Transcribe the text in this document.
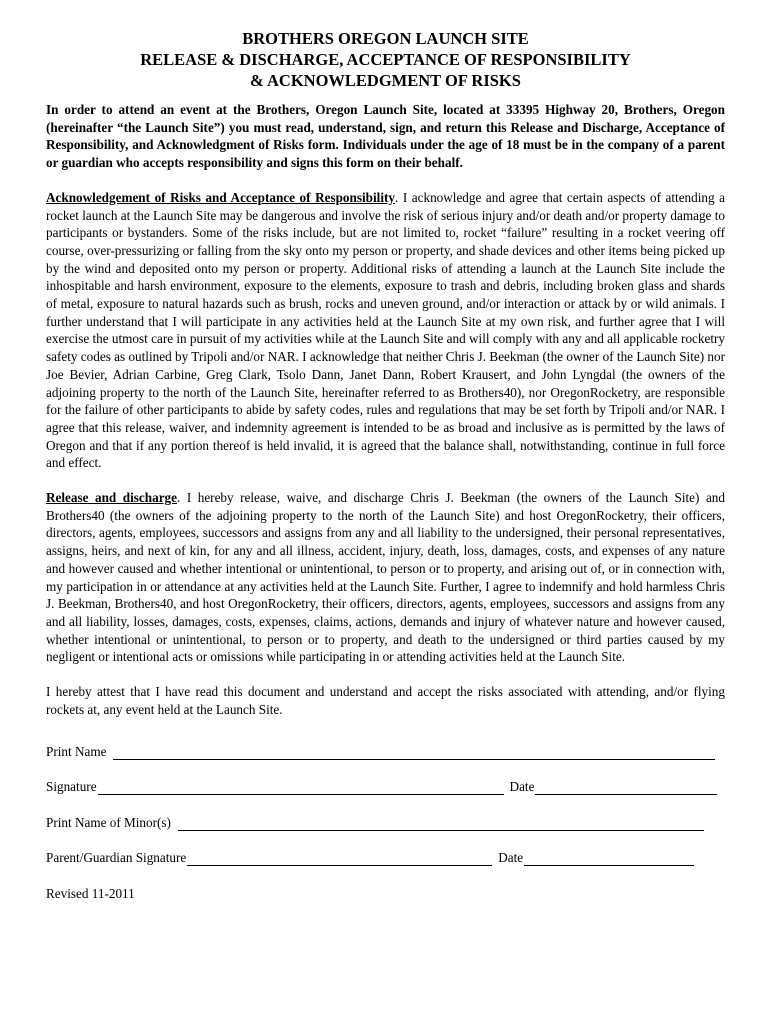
BROTHERS OREGON LAUNCH SITE
RELEASE & DISCHARGE, ACCEPTANCE OF RESPONSIBILITY
& ACKNOWLEDGMENT OF RISKS

In order to attend an event at the Brothers, Oregon Launch Site, located at 33395 Highway 20, Brothers, Oregon (hereinafter “the Launch Site”) you must read, understand, sign, and return this Release and Discharge, Acceptance of Responsibility, and Acknowledgment of Risks form. Individuals under the age of 18 must be in the company of a parent or guardian who accepts responsibility and signs this form on their behalf.

Acknowledgement of Risks and Acceptance of Responsibility. I acknowledge and agree that certain aspects of attending a rocket launch at the Launch Site may be dangerous and involve the risk of serious injury and/or death and/or property damage to participants or bystanders. Some of the risks include, but are not limited to, rocket “failure” resulting in a rocket veering off course, over-pressurizing or falling from the sky onto my person or property, and shade devices and other items being picked up by the wind and deposited onto my person or property. Additional risks of attending a launch at the Launch Site include the inhospitable and harsh environment, exposure to the elements, exposure to trash and debris, including broken glass and shards of metal, exposure to natural hazards such as brush, rocks and uneven ground, and/or interaction or attack by or wild animals. I further understand that I will participate in any activities held at the Launch Site at my own risk, and further agree that I will exercise the utmost care in pursuit of my activities while at the Launch Site and will comply with any and all applicable rocketry safety codes as outlined by Tripoli and/or NAR. I acknowledge that neither Chris J. Beekman (the owner of the Launch Site) nor Joe Bevier, Adrian Carbine, Greg Clark, Tsolo Dann, Janet Dann, Robert Krausert, and John Lyngdal (the owners of the adjoining property to the north of the Launch Site, hereinafter referred to as Brothers40), nor OregonRocketry, are responsible for the failure of other participants to abide by safety codes, rules and regulations that may be set forth by Tripoli and/or NAR. I agree that this release, waiver, and indemnity agreement is intended to be as broad and inclusive as is permitted by the laws of Oregon and that if any portion thereof is held invalid, it is agreed that the balance shall, notwithstanding, continue in full force and effect.

Release and discharge. I hereby release, waive, and discharge Chris J. Beekman (the owners of the Launch Site) and Brothers40 (the owners of the adjoining property to the north of the Launch Site) and host OregonRocketry, their officers, directors, agents, employees, successors and assigns from any and all liability to the undersigned, their personal representatives, assigns, heirs, and next of kin, for any and all illness, accident, injury, death, loss, damages, costs, and expenses of any nature and however caused and whether intentional or unintentional, to person or to property, and arising out of, or in connection with, my participation in or attendance at any activities held at the Launch Site. Further, I agree to indemnify and hold harmless Chris J. Beekman, Brothers40, and host OregonRocketry, their officers, directors, agents, employees, successors and assigns from any and all liability, losses, damages, costs, expenses, claims, actions, demands and injury of whatever nature and however caused, whether intentional or unintentional, to person or to property, and death to the undersigned or third parties caused by my negligent or intentional acts or omissions while participating in or attending activities held at the Launch Site.

I hereby attest that I have read this document and understand and accept the risks associated with attending, and/or flying rockets at, any event held at the Launch Site.

Print Name
Signature	Date
Print Name of Minor(s)
Parent/Guardian Signature	Date
Revised 11-2011
